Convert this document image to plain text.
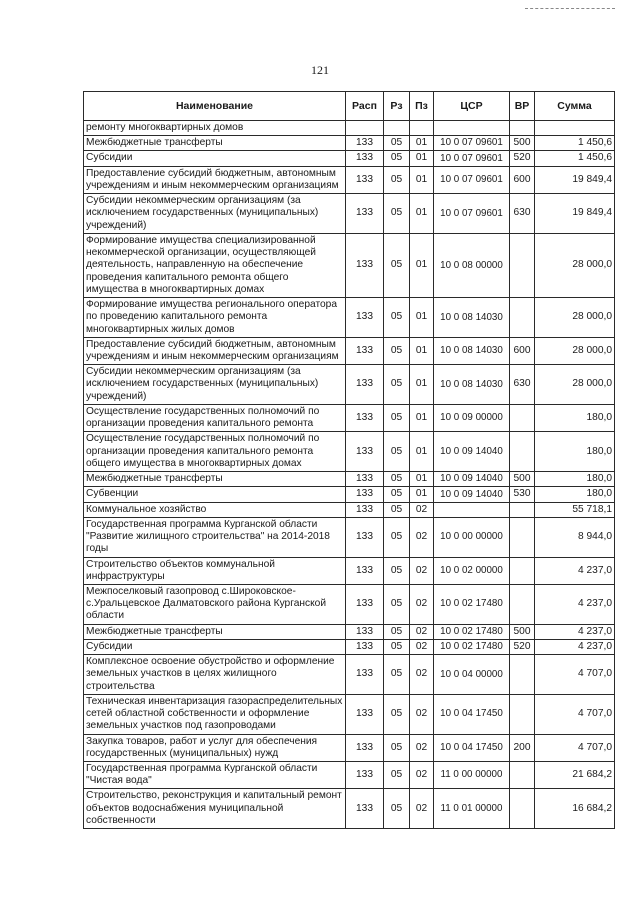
121
Наименование	Расп	Рз	Пз	ЦСР	ВР	Сумма
ремонту многоквартирных домов						
Межбюджетные трансферты	133	05	01	10 0 07 09601	500	1 450,6
Субсидии	133	05	01	10 0 07 09601	520	1 450,6
Предоставление субсидий бюджетным, автономным учреждениям и иным некоммерческим организациям	133	05	01	10 0 07 09601	600	19 849,4
Субсидии некоммерческим организациям (за исключением государственных (муниципальных) учреждений)	133	05	01	10 0 07 09601	630	19 849,4
Формирование имущества специализированной некоммерческой организации, осуществляющей деятельность, направленную на обеспечение проведения капитального ремонта общего имущества в многоквартирных домах	133	05	01	10 0 08 00000		28 000,0
Формирование имущества регионального оператора по проведению капитального ремонта многоквартирных жилых домов	133	05	01	10 0 08 14030		28 000,0
Предоставление субсидий бюджетным, автономным учреждениям и иным некоммерческим организациям	133	05	01	10 0 08 14030	600	28 000,0
Субсидии некоммерческим организациям (за исключением государственных (муниципальных) учреждений)	133	05	01	10 0 08 14030	630	28 000,0
Осуществление государственных полномочий по организации проведения капитального ремонта	133	05	01	10 0 09 00000		180,0
Осуществление государственных полномочий по организации проведения капитального ремонта общего имущества в многоквартирных домах	133	05	01	10 0 09 14040		180,0
Межбюджетные трансферты	133	05	01	10 0 09 14040	500	180,0
Субвенции	133	05	01	10 0 09 14040	530	180,0
Коммунальное хозяйство	133	05	02			55 718,1
Государственная программа Курганской области "Развитие жилищного строительства" на 2014-2018 годы	133	05	02	10 0 00 00000		8 944,0
Строительство объектов коммунальной инфраструктуры	133	05	02	10 0 02 00000		4 237,0
Межпоселковый газопровод с.Широковское-с.Уральцевское Далматовского района Курганской области	133	05	02	10 0 02 17480		4 237,0
Межбюджетные трансферты	133	05	02	10 0 02 17480	500	4 237,0
Субсидии	133	05	02	10 0 02 17480	520	4 237,0
Комплексное освоение обустройство и оформление земельных участков в целях жилищного строительства	133	05	02	10 0 04 00000		4 707,0
Техническая инвентаризация газораспределительных сетей областной собственности и оформление земельных участков под газопроводами	133	05	02	10 0 04 17450		4 707,0
Закупка товаров, работ и услуг для обеспечения государственных (муниципальных) нужд	133	05	02	10 0 04 17450	200	4 707,0
Государственная программа Курганской области "Чистая вода"	133	05	02	11 0 00 00000		21 684,2
Строительство, реконструкция и капитальный ремонт объектов водоснабжения муниципальной собственности	133	05	02	11 0 01 00000		16 684,2
